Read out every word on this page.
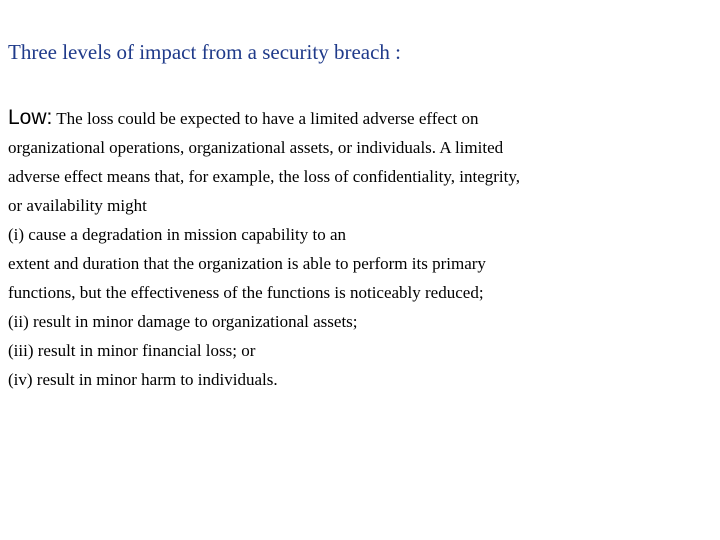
Three levels of impact from a security breach :
Low: The loss could be expected to have a limited adverse effect on
organizational operations, organizational assets, or individuals. A limited
adverse effect means that, for example, the loss of confidentiality, integrity,
or availability might
(i) cause a degradation in mission capability to an
extent and duration that the organization is able to perform its primary
functions, but the effectiveness of the functions is noticeably reduced;
(ii) result in minor damage to organizational assets;
(iii) result in minor financial loss; or
(iv) result in minor harm to individuals.
